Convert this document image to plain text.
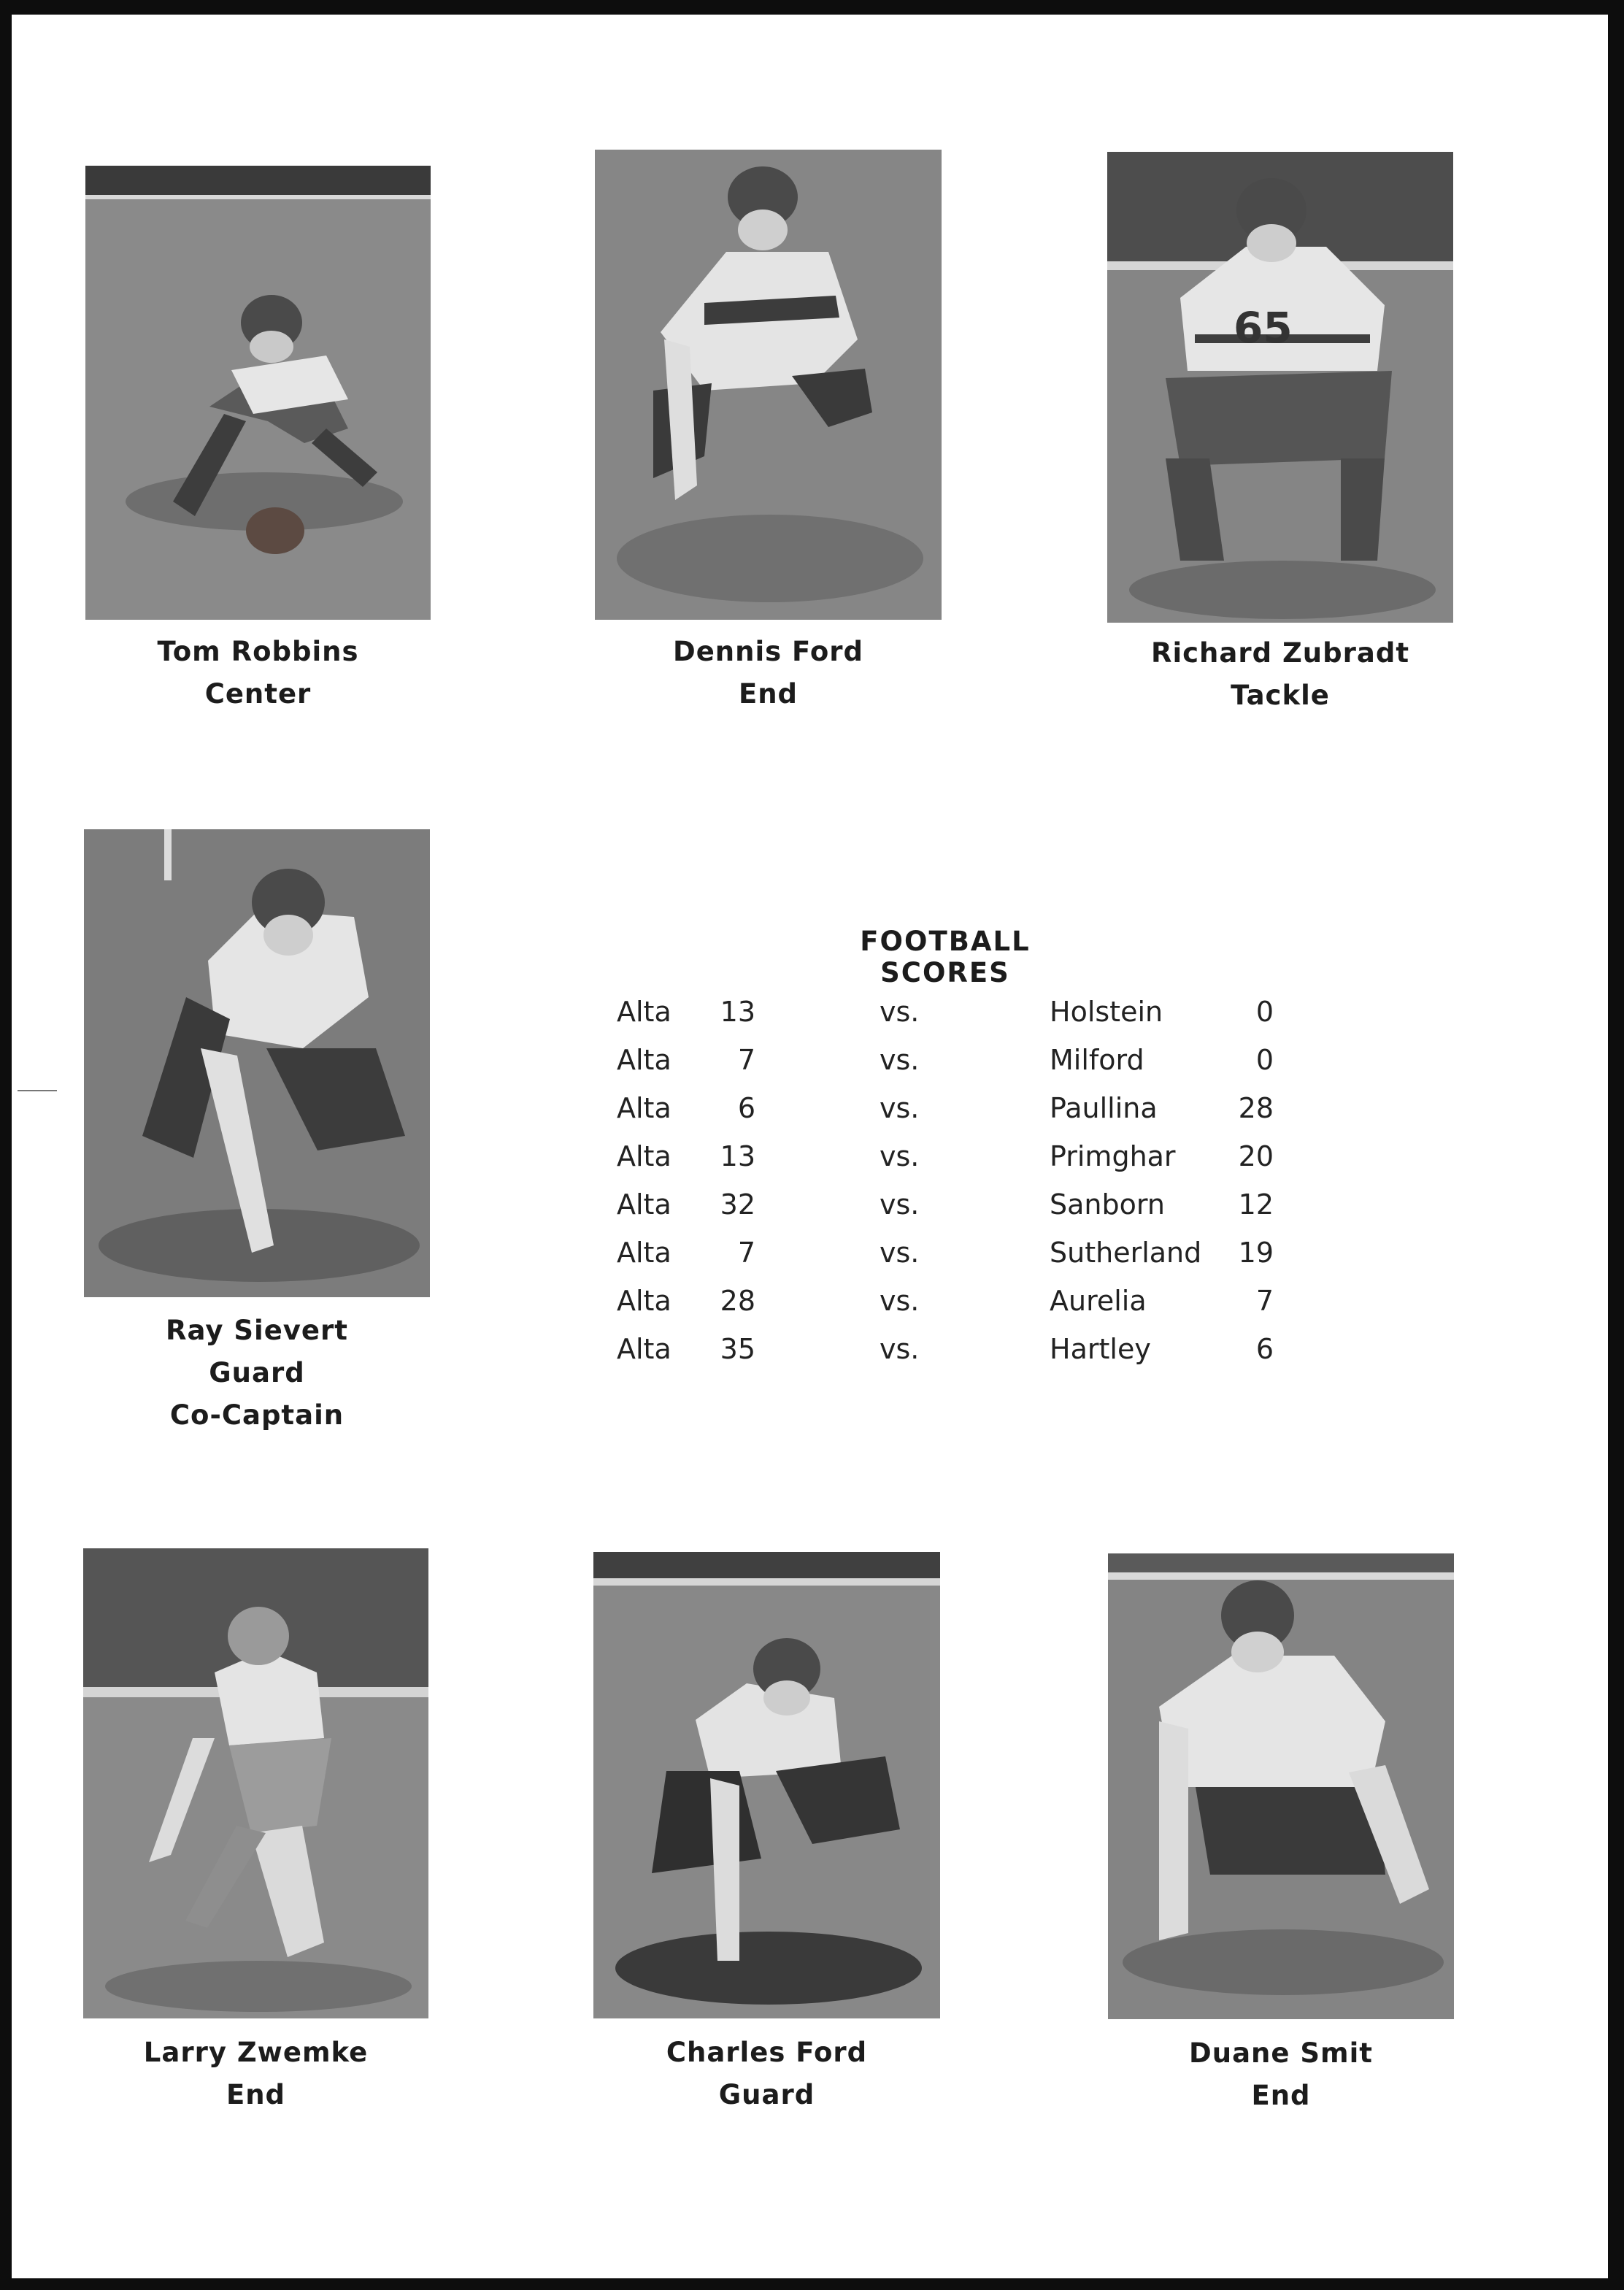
Tom Robbins
Center
Dennis Ford
End
Richard Zubradt
Tackle
Ray Sievert
Guard
Co-Captain
FOOTBALL SCORES
Alta	13	vs.	Holstein	0
Alta	7	vs.	Milford	0
Alta	6	vs.	Paullina	28
Alta	13	vs.	Primghar	20
Alta	32	vs.	Sanborn	12
Alta	7	vs.	Sutherland	19
Alta	28	vs.	Aurelia	7
Alta	35	vs.	Hartley	6
Larry Zwemke
End
Charles Ford
Guard
Duane Smit
End
65
